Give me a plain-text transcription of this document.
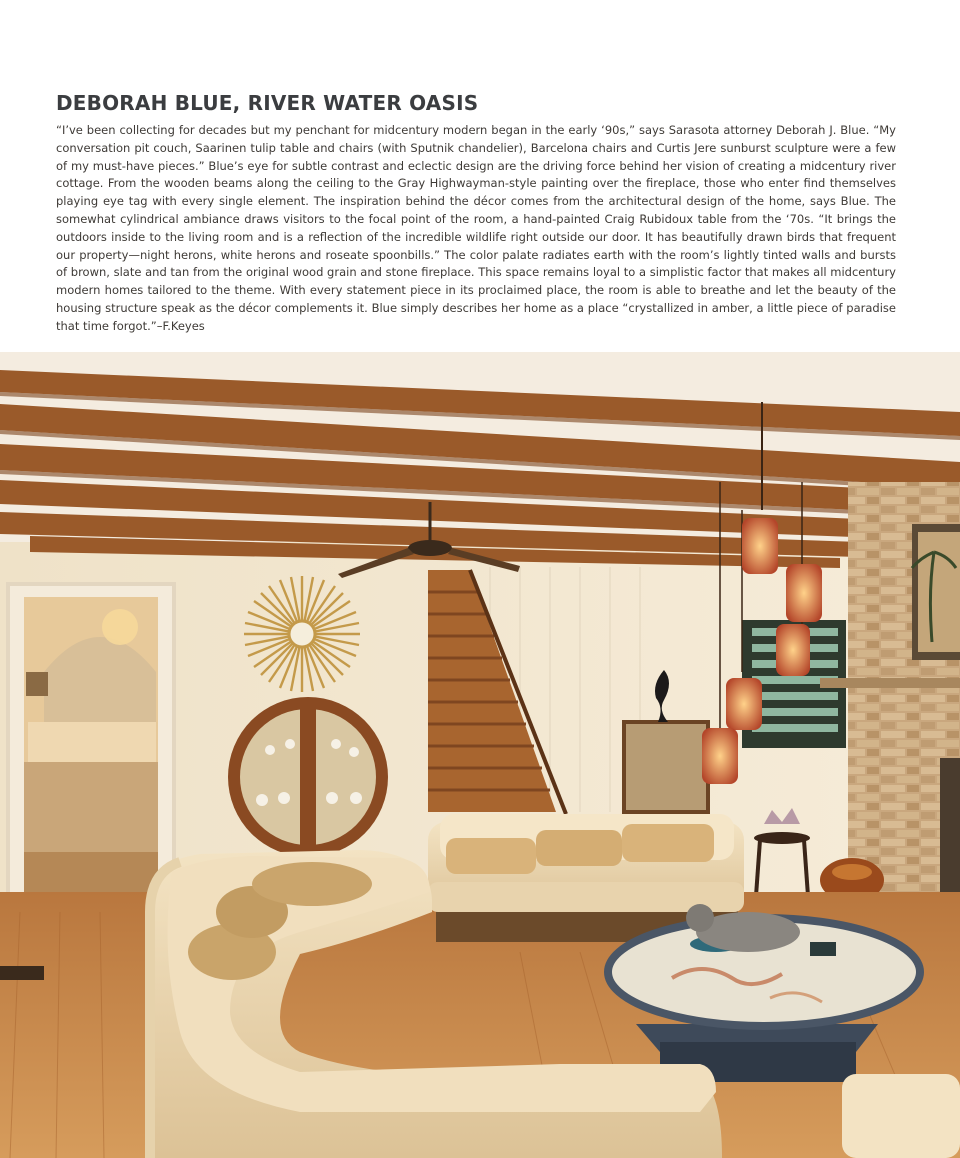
DEBORAH BLUE, RIVER WATER OASIS

“I’ve been collecting for decades but my penchant for midcentury modern began in the early ‘90s,” says Sarasota attorney Deborah J. Blue. “My conversation pit couch, Saarinen tulip table and chairs (with Sputnik chandelier), Barcelona chairs and Curtis Jere sunburst sculpture were a few of my must-have pieces.” Blue’s eye for subtle contrast and eclectic design are the driving force behind her vision of creating a midcentury river cottage. From the wooden beams along the ceiling to the Gray Highwayman-style painting over the fireplace, those who enter find themselves playing eye tag with every single element. The inspiration behind the décor comes from the architectural design of the home, says Blue. The somewhat cylindrical ambiance draws visitors to the focal point of the room, a hand-painted Craig Rubidoux table from the ‘70s. “It brings the outdoors inside to the living room and is a reflection of the incredible wildlife right outside our door. It has beautifully drawn birds that frequent our property—night herons, white herons and roseate spoonbills.” The color palate radiates earth with the room’s lightly tinted walls and bursts of brown, slate and tan from the original wood grain and stone fireplace. This space remains loyal to a simplistic factor that makes all midcentury modern homes tailored to the theme. With every statement piece in its proclaimed place, the room is able to breathe and let the beauty of the housing structure speak as the décor complements it. Blue simply describes her home as a place “crystallized in amber, a little piece of paradise that time forgot.”–F.Keyes
